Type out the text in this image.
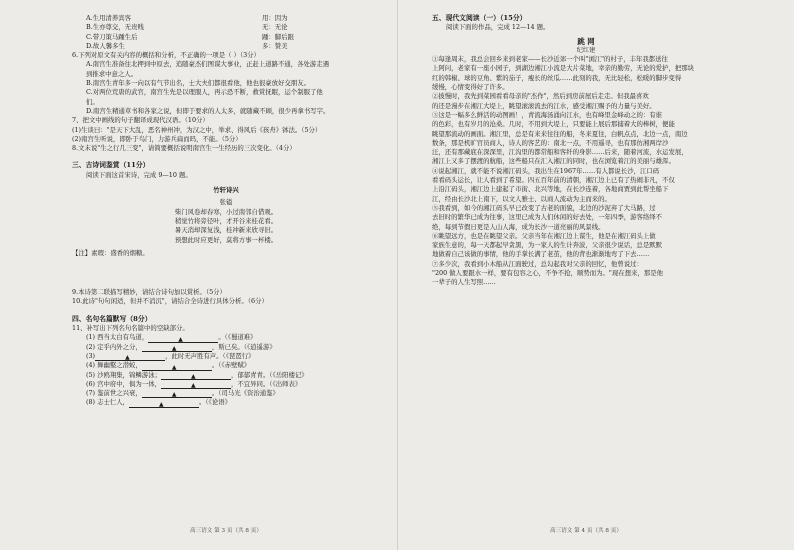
A.生用清养宾客	用：因为
B.生亦尊交，无贵贱	无：无论
C.带刀策马踵生后	踵：脚后跟
D.故人馨多生	多：赞美
6.下列对原文有关内容的概括和分析，不正确的一项是（ ）（3分）
A.南宫生准备往北押到中原去，追随豪杰们图谋大事业，正赶上道路不通，各处游走遇
到推求中意之人。
B.南宫生青年多一向以有气节出名，士大夫们都很看他，他也很豪放好交朋友。
C.对两位荒唐的武官，南宫生先是以理服人，再示恐不断，救赏抚眠，运个制服了他
们。
D.南宫生精通草书和各家之说，但即于要求的人太多，就随藏不顾，很少再拿书写字。
7、把文中画线的句子翻译成现代汉语。（10分）
(1)生谈曰："是天下大乱，恶名神州冲，为汉之中，举求、得风后《孩舟》钵法。（5分）
(2)南宫生听说，即卧于鸟门，力游兵扁而吗，不能。（5分）
8.文末说"生之行几三变"，请简要概括说明南宫生一生经历的三次变化。（4分）
三、古诗词鉴赏（11分）
阅读下面这首宋诗，完成 9—10 题。
竹轩诗兴
张镒
柴门风卷却春寒，小过南邻自借观。
稍觉竹将旁径叶，才开谷来桂花看。
暑天消却深复浅，桂冲新来欣寻旧。
预想此时应更好，莫将方事一杯楼。
【注】素瑕：盛香的烟糖。
9.本诗第二联描写精妙，请结合诗句加以赏析。（5分）
10.此诗"句句闲适，但并不消沉"，请结合全诗进行具体分析。（6分）
四、名句名篇默写（8分）
11、补写出下列名句名篇中的空缺部分。
(1) 西当太白有鸟道，	▲	。（《蜀道难》
(2) 定乎内外之分，	▲	，斯已矣。（《逍遥游》
(3)	▲	，此时无声胜有声。（《琵琶行》
(4) 舞幽壑之潜蛟，	▲	。（《赤壁赋》
(5) 沙鸥翔集，锦鳞游泳；	▲	，郁郁青青。（《岳阳楼记》
(6) 宫中府中，俱为一体，	▲	，不宜异同。（《出师表》
(7) 鉴前世之兴衰，	▲	。（司马光《资治通鉴》
(8) 志士仁人，	▲	。（《论语》
高三语文 第 3 页（共 8 页）
五、现代文阅读（一）（15分）
阅读下面的作品，完成 12—14 题。
跳 网
纪红建
①每逢周末，我总会回乡来到老家——长沙近郊一个叫"浏江"的村子，丰年我都送往
上阿问，老家有一座小园子，到湖边湘江小流是大片菜地，幸亲的勤劳，无论的爱护，把那块
红的韩椒、球的豆角、紫的茄子，瘦长的丝瓜……此刻的我，无比轻松，松暖的脚步变得
缓慢，心情变得好了许多。
②披慢时，我先到菜园看看母亲的"杰作"，然后到房前屋后走走。但我最喜欢
的还是漫步在湘江大堤上，眺望滚滚流去的江水，感受湘江赐予的力量与美好。
③这是一幅多么鲜活的动图画！，青流海汤涌向江水，也有峰里金峰动之的：有谁
的色彩，也有岁月的沧桑。几时，不用到大堤上，只要能上展后那捕着大的棒树，便能
眺望那流动的画面。湘江里，总是有来来往往的船，冬来夏往，白帆点点，北边一点，南边
数条，那是机旷官员商人，诗人的客艺的：南北一点，不用遥寻，也有那仿湘两岸沙
汪，还有那藏底在深深里，江沟里的都常船和客纤的身影……后来，随着河流，水运发展，
湘江上又多了摆渡的航船，这些船只在汇入湘江的同时，也在浏览着江的美丽与雄浑。
④说起湘江，就不能不说湘江码头，我出生在1967年……有人都说长沙，江口码
看看码头运长，让人看到了希望。四五百年前的清朝，湘江边上已有了热闹非凡，不仅
上沿江码头，湘江边上建起了市街、北兴等地，在长沙连着，各地商贾到此帮坐船下
江，经由长沙北上南下，以文人雅士、以商人流动为主而来的。
⑤我看到，如今的湘江码头早已改变了古老的面貌，北边的沙泥弃了大马路，过
去旧时的繁华已成为往事，这里已成为人们休闲的好去处，一年四季，游客络绎不
绝，每到节假日更是人山人海，成为长沙一道亮丽的风景线。
⑥眺望远方，也是在眺望父亲。父亲当年在湘江边上谋生，他是在湘江码头上做
家族生意的，每一天都起早贪黑，为一家人的生计奔波，父亲很少说话，总是默默
地做着自己该做的事情，他的手掌长满了老茧，他的背也渐渐地弯了下去……
⑦多少次，我看到小木船从江面驶过，总勾起我对父亲的回忆，他曾说过：
"200 做人要跟水一样，要有包容之心，不争不抢，顺势而为。"现在想来，那是他
一辈子的人生写照……
高三语文 第 4 页（共 8 页）
